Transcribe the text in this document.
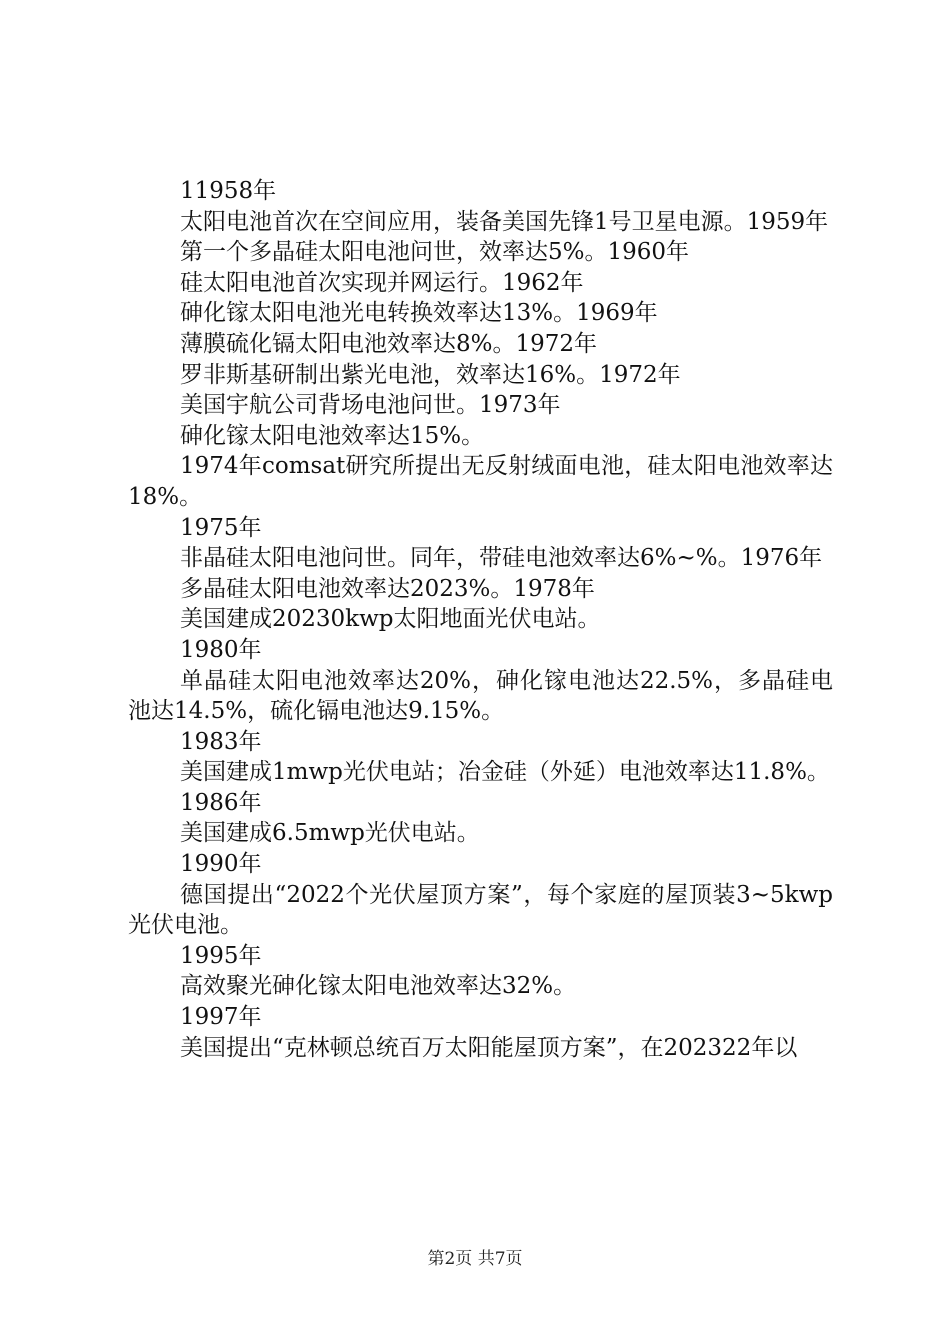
11958年

太阳电池首次在空间应用，装备美国先锋1号卫星电源。1959年

第一个多晶硅太阳电池问世，效率达5%。1960年

硅太阳电池首次实现并网运行。1962年

砷化镓太阳电池光电转换效率达13%。1969年

薄膜硫化镉太阳电池效率达8%。1972年

罗非斯基研制出紫光电池，效率达16%。1972年

美国宇航公司背场电池问世。1973年

砷化镓太阳电池效率达15%。

1974年comsat研究所提出无反射绒面电池，硅太阳电池效率达18%。

1975年

非晶硅太阳电池问世。同年，带硅电池效率达6%~%。1976年

多晶硅太阳电池效率达2023%。1978年

美国建成20230kwp太阳地面光伏电站。

1980年

单晶硅太阳电池效率达20%，砷化镓电池达22.5%，多晶硅电池达14.5%，硫化镉电池达9.15%。

1983年

美国建成1mwp光伏电站；冶金硅（外延）电池效率达11.8%。

1986年

美国建成6.5mwp光伏电站。

1990年

德国提出“2022个光伏屋顶方案”，每个家庭的屋顶装3~5kwp光伏电池。

1995年

高效聚光砷化镓太阳电池效率达32%。

1997年

美国提出“克林顿总统百万太阳能屋顶方案”，在202322年以

第2页 共7页
